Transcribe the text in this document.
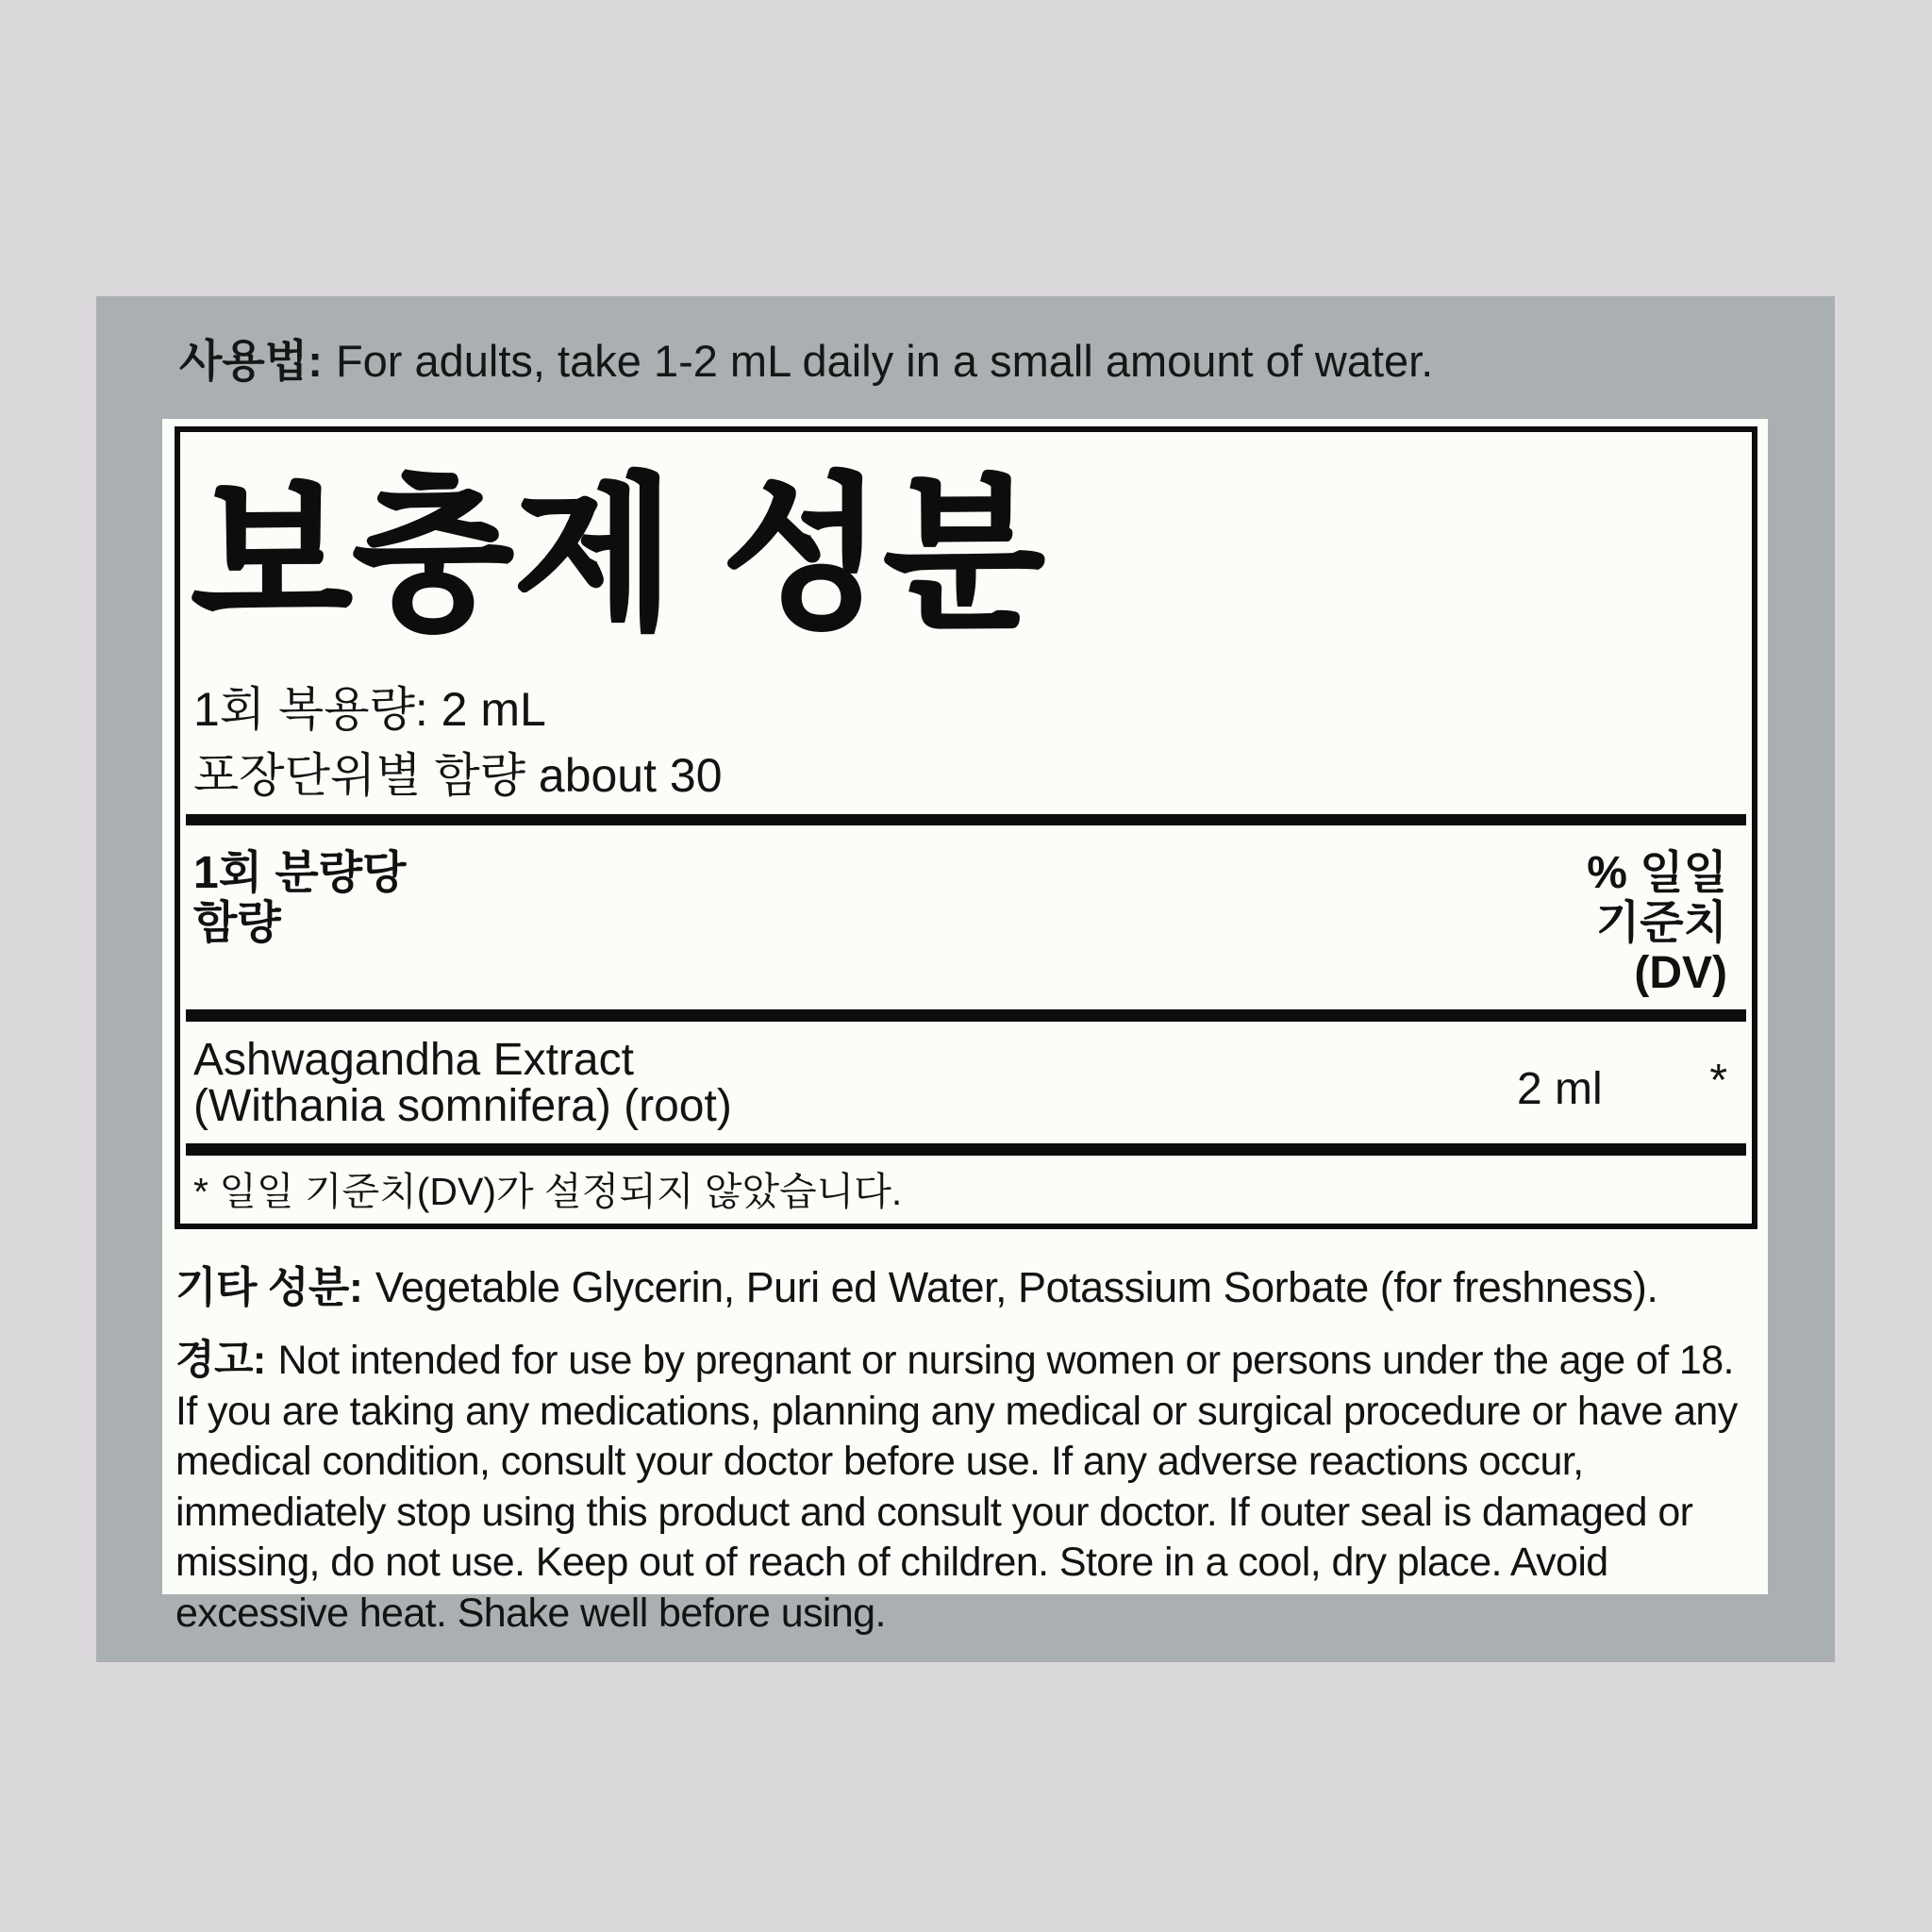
사용법: For adults, take 1-2 mL daily in a small amount of water.
보충제 성분
1회 복용량: 2 mL
포장단위별 함량 about 30
1회 분량당
함량
% 일일
기준치
(DV)
Ashwagandha Extract
(Withania somnifera) (root)	2 ml *
* 일일 기준치(DV)가 설정되지 않았습니다.
기타 성분: Vegetable Glycerin, Puri ed Water, Potassium Sorbate (for freshness).
경고: Not intended for use by pregnant or nursing women or persons under the age of 18. If you are taking any medications, planning any medical or surgical procedure or have any medical condition, consult your doctor before use. If any adverse reactions occur, immediately stop using this product and consult your doctor. If outer seal is damaged or missing, do not use. Keep out of reach of children. Store in a cool, dry place. Avoid excessive heat. Shake well before using.
